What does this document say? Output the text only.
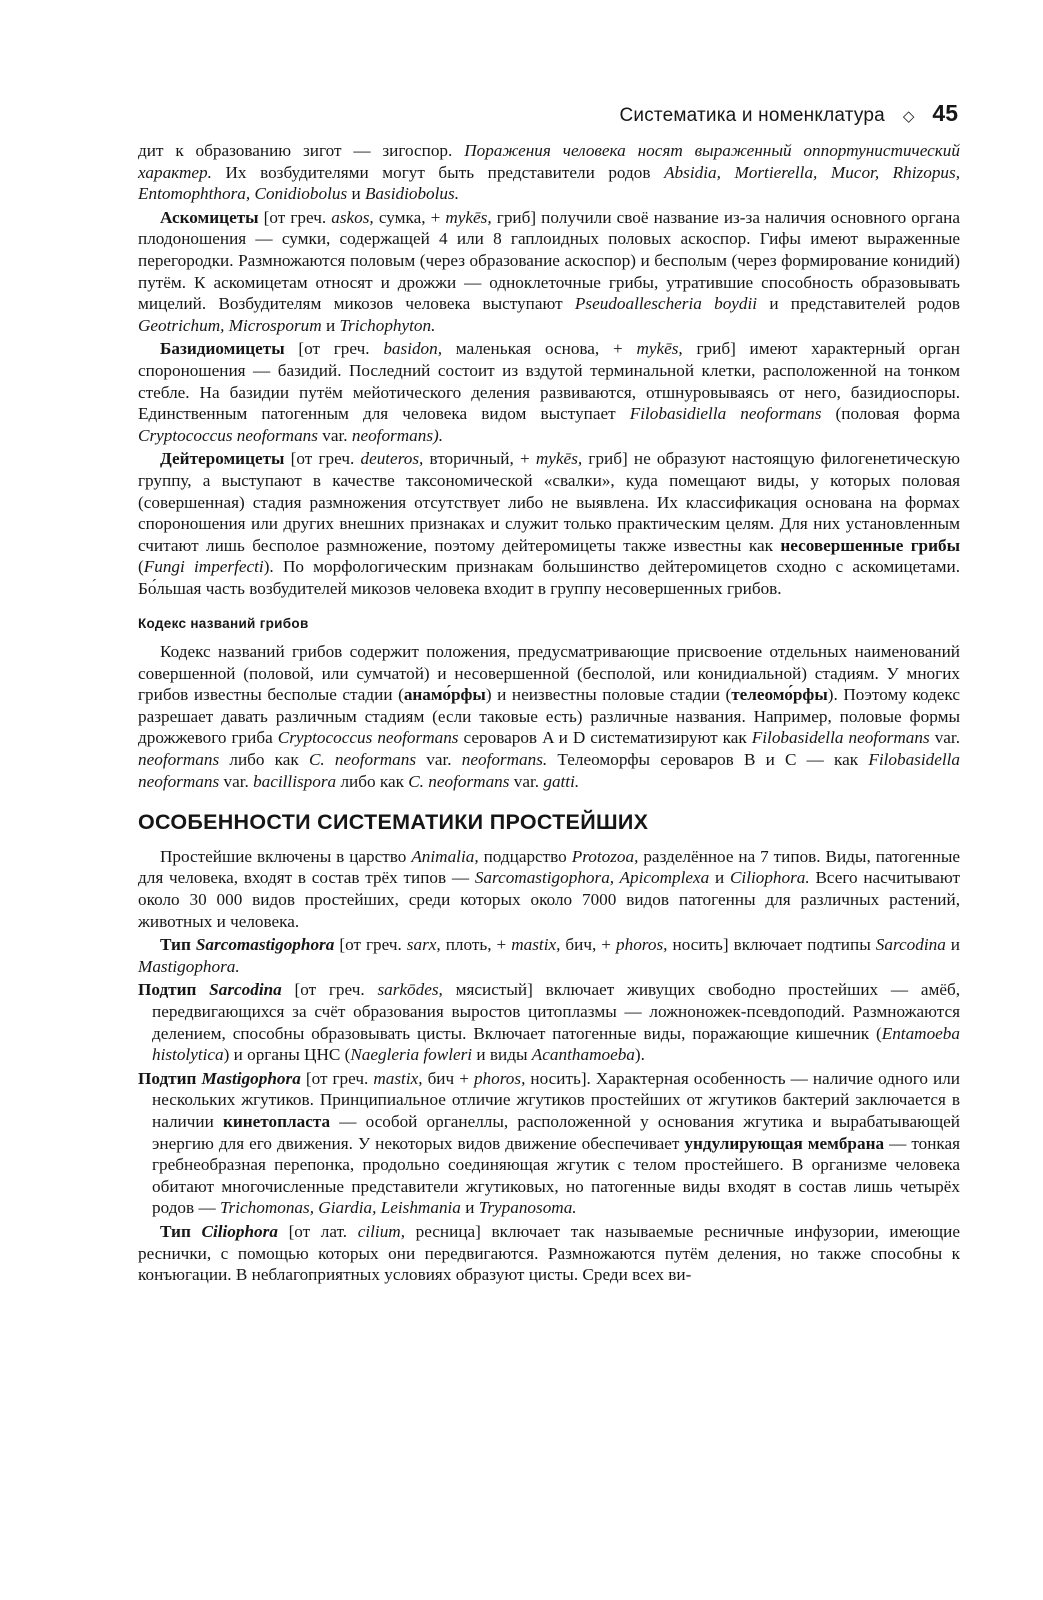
Систематика и номенклатура ◇ 45

дит к образованию зигот — зигоспор. Поражения человека носят выраженный оппортунистический характер. Их возбудителями могут быть представители родов Absidia, Mortierella, Mucor, Rhizopus, Entomophthora, Conidiobolus и Basidiobolus.

Аскомицеты [от греч. askos, сумка, + mykēs, гриб] получили своё название из-за наличия основного органа плодоношения — сумки, содержащей 4 или 8 гаплоидных половых аскоспор. Гифы имеют выраженные перегородки. Размножаются половым (через образование аскоспор) и бесполым (через формирование конидий) путём. К аскомицетам относят и дрожжи — одноклеточные грибы, утратившие способность образовывать мицелий. Возбудителям микозов человека выступают Pseudoallescheria boydii и представителей родов Geotrichum, Microsporum и Trichophyton.

Базидиомицеты [от греч. basidon, маленькая основа, + mykēs, гриб] имеют характерный орган спороношения — базидий. Последний состоит из вздутой терминальной клетки, расположенной на тонком стебле. На базидии путём мейотического деления развиваются, отшнуровываясь от него, базидиоспоры. Единственным патогенным для человека видом выступает Filobasidiella neoformans (половая форма Cryptococcus neoformans var. neoformans).

Дейтеромицеты [от греч. deuteros, вторичный, + mykēs, гриб] не образуют настоящую филогенетическую группу, а выступают в качестве таксономической «свалки», куда помещают виды, у которых половая (совершенная) стадия размножения отсутствует либо не выявлена. Их классификация основана на формах спороношения или других внешних признаках и служит только практическим целям. Для них установленным считают лишь бесполое размножение, поэтому дейтеромицеты также известны как несовершенные грибы (Fungi imperfecti). По морфологическим признакам большинство дейтеромицетов сходно с аскомицетами. Бо́льшая часть возбудителей микозов человека входит в группу несовершенных грибов.

Кодекс названий грибов

Кодекс названий грибов содержит положения, предусматривающие присвоение отдельных наименований совершенной (половой, или сумчатой) и несовершенной (бесполой, или конидиальной) стадиям. У многих грибов известны бесполые стадии (анамо́рфы) и неизвестны половые стадии (телеомо́рфы). Поэтому кодекс разрешает давать различным стадиям (если таковые есть) различные названия. Например, половые формы дрожжевого гриба Cryptococcus neoformans сероваров A и D систематизируют как Filobasidella neoformans var. neoformans либо как C. neoformans var. neoformans. Телеоморфы сероваров B и C — как Filobasidella neoformans var. bacillispora либо как C. neoformans var. gatti.

ОСОБЕННОСТИ СИСТЕМАТИКИ ПРОСТЕЙШИХ

Простейшие включены в царство Animalia, подцарство Protozoa, разделённое на 7 типов. Виды, патогенные для человека, входят в состав трёх типов — Sarcomastigophora, Apicomplexa и Ciliophora. Всего насчитывают около 30 000 видов простейших, среди которых около 7000 видов патогенны для различных растений, животных и человека.

Тип Sarcomastigophora [от греч. sarx, плоть, + mastix, бич, + phoros, носить] включает подтипы Sarcodina и Mastigophora.

Подтип Sarcodina [от греч. sarkōdes, мясистый] включает живущих свободно простейших — амёб, передвигающихся за счёт образования выростов цитоплазмы — ложноножек-псевдоподий. Размножаются делением, способны образовывать цисты. Включает патогенные виды, поражающие кишечник (Entamoeba histolytica) и органы ЦНС (Naegleria fowleri и виды Acanthamoeba).

Подтип Mastigophora [от греч. mastix, бич + phoros, носить]. Характерная особенность — наличие одного или нескольких жгутиков. Принципиальное отличие жгутиков простейших от жгутиков бактерий заключается в наличии кинетопласта — особой органеллы, расположенной у основания жгутика и вырабатывающей энергию для его движения. У некоторых видов движение обеспечивает ундулирующая мембрана — тонкая гребнеобразная перепонка, продольно соединяющая жгутик с телом простейшего. В организме человека обитают многочисленные представители жгутиковых, но патогенные виды входят в состав лишь четырёх родов — Trichomonas, Giardia, Leishmania и Trypanosoma.

Тип Ciliophora [от лат. cilium, ресница] включает так называемые ресничные инфузории, имеющие реснички, с помощью которых они передвигаются. Размножаются путём деления, но также способны к конъюгации. В неблагоприятных условиях образуют цисты. Среди всех ви-
